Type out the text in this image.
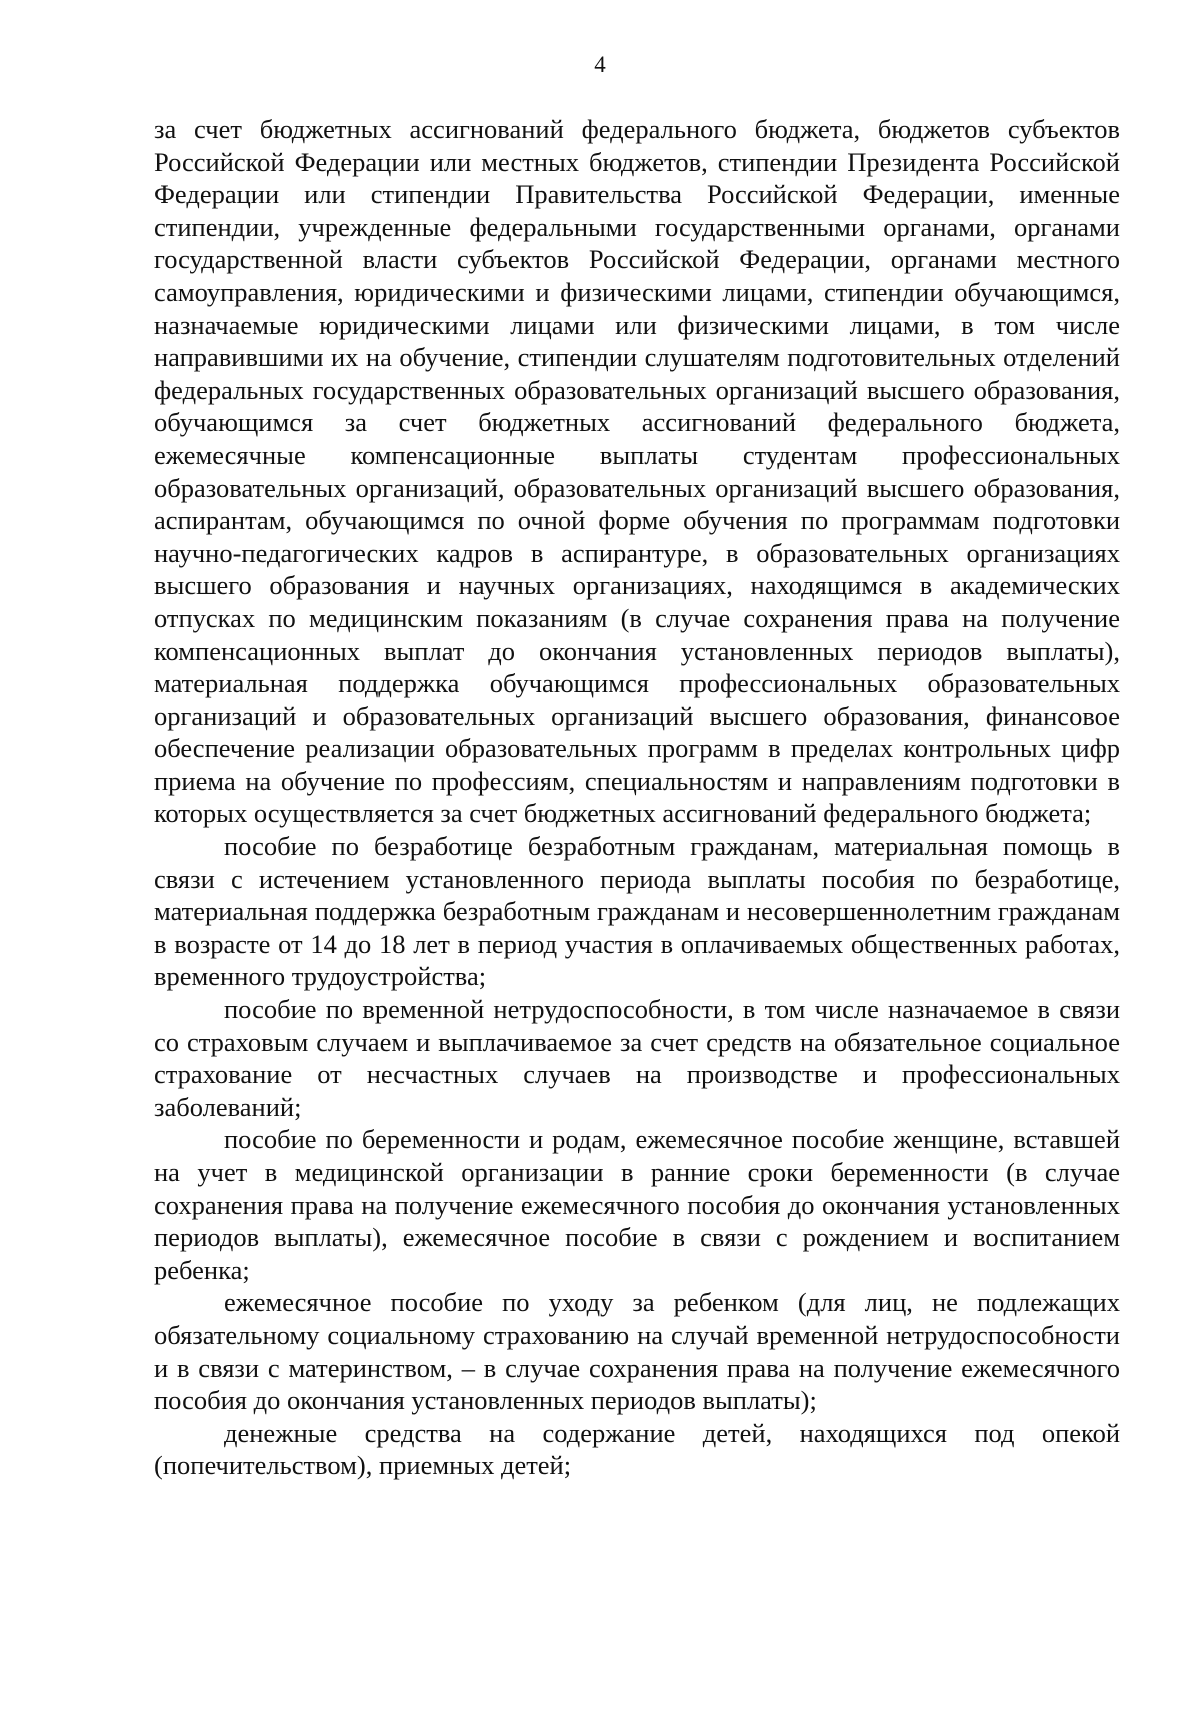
4

за счет бюджетных ассигнований федерального бюджета, бюджетов субъектов Российской Федерации или местных бюджетов, стипендии Президента Российской Федерации или стипендии Правительства Российской Федерации, именные стипендии, учрежденные федеральными государственными органами, органами государственной власти субъектов Российской Федерации, органами местного самоуправления, юридическими и физическими лицами, стипендии обучающимся, назначаемые юридическими лицами или физическими лицами, в том числе направившими их на обучение, стипендии слушателям подготовительных отделений федеральных государственных образовательных организаций высшего образования, обучающимся за счет бюджетных ассигнований федерального бюджета, ежемесячные компенсационные выплаты студентам профессиональных образовательных организаций, образовательных организаций высшего образования, аспирантам, обучающимся по очной форме обучения по программам подготовки научно-педагогических кадров в аспирантуре, в образовательных организациях высшего образования и научных организациях, находящимся в академических отпусках по медицинским показаниям (в случае сохранения права на получение компенсационных выплат до окончания установленных периодов выплаты), материальная поддержка обучающимся профессиональных образовательных организаций и образовательных организаций высшего образования, финансовое обеспечение реализации образовательных программ в пределах контрольных цифр приема на обучение по профессиям, специальностям и направлениям подготовки в которых осуществляется за счет бюджетных ассигнований федерального бюджета;

пособие по безработице безработным гражданам, материальная помощь в связи с истечением установленного периода выплаты пособия по безработице, материальная поддержка безработным гражданам и несовершеннолетним гражданам в возрасте от 14 до 18 лет в период участия в оплачиваемых общественных работах, временного трудоустройства;

пособие по временной нетрудоспособности, в том числе назначаемое в связи со страховым случаем и выплачиваемое за счет средств на обязательное социальное страхование от несчастных случаев на производстве и профессиональных заболеваний;

пособие по беременности и родам, ежемесячное пособие женщине, вставшей на учет в медицинской организации в ранние сроки беременности (в случае сохранения права на получение ежемесячного пособия до окончания установленных периодов выплаты), ежемесячное пособие в связи с рождением и воспитанием ребенка;

ежемесячное пособие по уходу за ребенком (для лиц, не подлежащих обязательному социальному страхованию на случай временной нетрудоспособности и в связи с материнством, – в случае сохранения права на получение ежемесячного пособия до окончания установленных периодов выплаты);

денежные средства на содержание детей, находящихся под опекой (попечительством), приемных детей;
